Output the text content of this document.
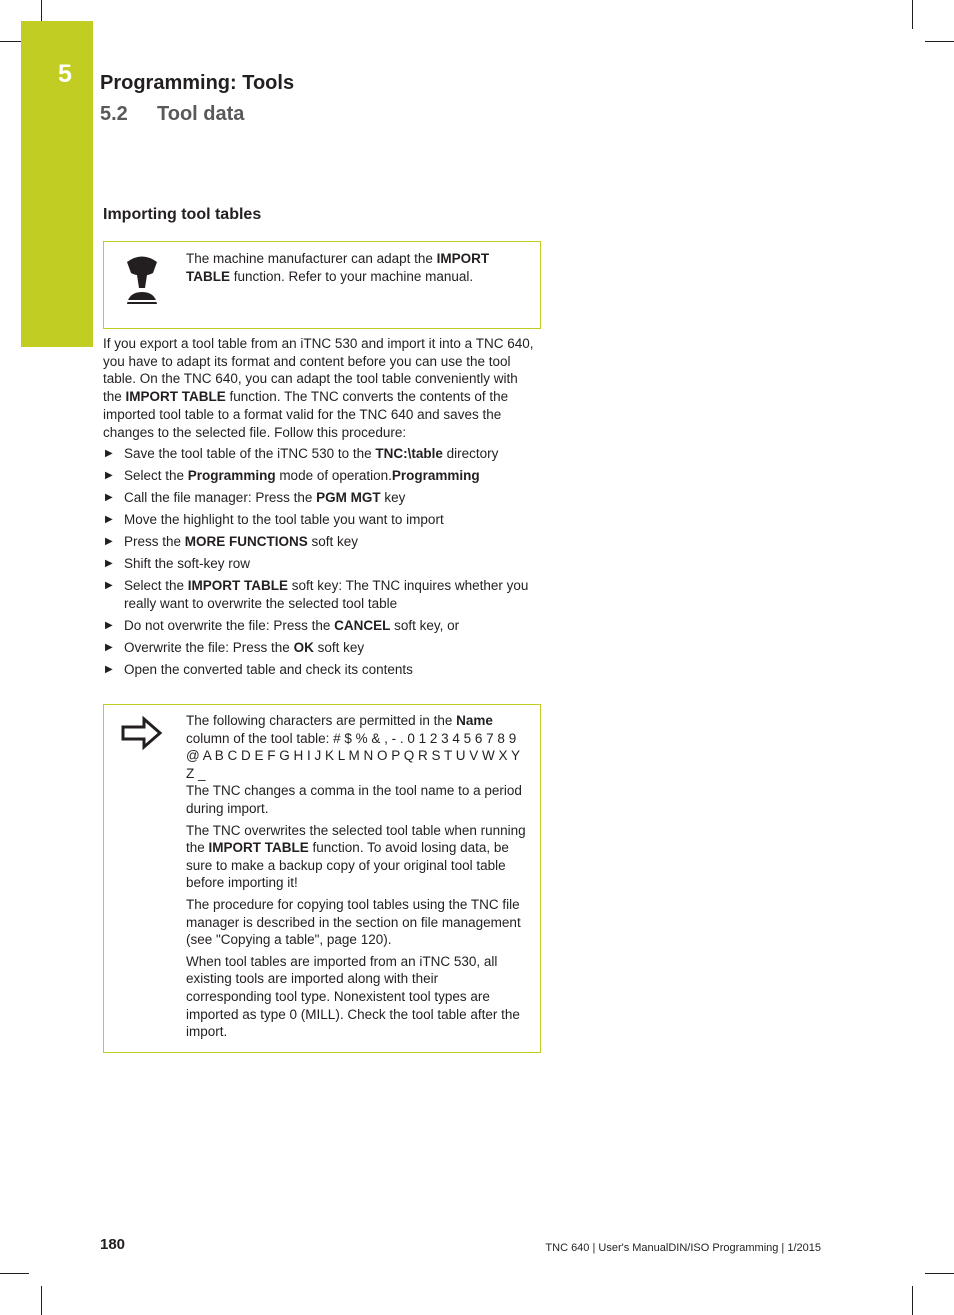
5 Programming: Tools
5.2 Tool data
Importing tool tables
The machine manufacturer can adapt the IMPORT TABLE function. Refer to your machine manual.

If you export a tool table from an iTNC 530 and import it into a TNC 640, you have to adapt its format and content before you can use the tool table. On the TNC 640, you can adapt the tool table conveniently with the IMPORT TABLE function. The TNC converts the contents of the imported tool table to a format valid for the TNC 640 and saves the changes to the selected file. Follow this procedure:

▶ Save the tool table of the iTNC 530 to the TNC:\table directory
▶ Select the Programming mode of operation.Programming
▶ Call the file manager: Press the PGM MGT key
▶ Move the highlight to the tool table you want to import
▶ Press the MORE FUNCTIONS soft key
▶ Shift the soft-key row
▶ Select the IMPORT TABLE soft key: The TNC inquires whether you really want to overwrite the selected tool table
▶ Do not overwrite the file: Press the CANCEL soft key, or
▶ Overwrite the file: Press the OK soft key
▶ Open the converted table and check its contents

The following characters are permitted in the Name column of the tool table: # $ % & , - . 0 1 2 3 4 5 6 7 8 9 @ A B C D E F G H I J K L M N O P Q R S T U V W X Y Z _
The TNC changes a comma in the tool name to a period during import.

The TNC overwrites the selected tool table when running the IMPORT TABLE function. To avoid losing data, be sure to make a backup copy of your original tool table before importing it!

The procedure for copying tool tables using the TNC file manager is described in the section on file management (see "Copying a table", page 120).

When tool tables are imported from an iTNC 530, all existing tools are imported along with their corresponding tool type. Nonexistent tool types are imported as type 0 (MILL). Check the tool table after the import.

180	TNC 640 | User's ManualDIN/ISO Programming | 1/2015
